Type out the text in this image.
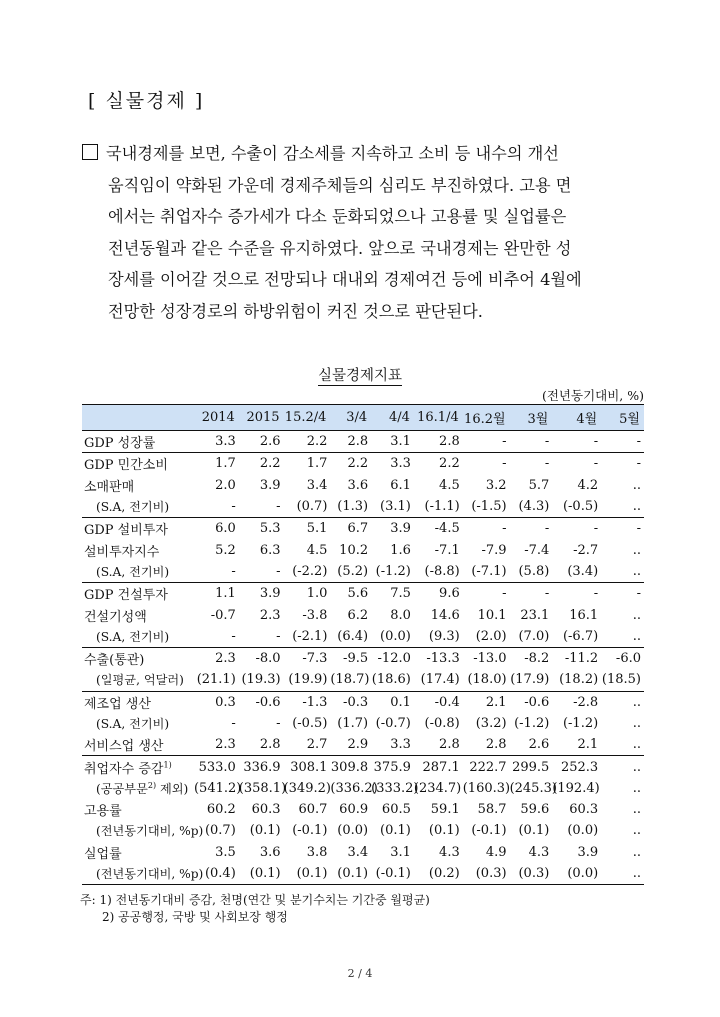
[ 실물경제 ]
국내경제를 보면, 수출이 감소세를 지속하고 소비 등 내수의 개선
움직임이 약화된 가운데 경제주체들의 심리도 부진하였다. 고용 면
에서는 취업자수 증가세가 다소 둔화되었으나 고용률 및 실업률은
전년동월과 같은 수준을 유지하였다. 앞으로 국내경제는 완만한 성
장세를 이어갈 것으로 전망되나 대내외 경제여건 등에 비추어 4월에
전망한 성장경로의 하방위험이 커진 것으로 판단된다.
실물경제지표
(전년동기대비, %)
	2014	2015	15.2/4	3/4	4/4	16.1/4	16.2월	3월	4월	5월
GDP 성장률	3.3	2.6	2.2	2.8	3.1	2.8	-	-	-	-
GDP 민간소비	1.7	2.2	1.7	2.2	3.3	2.2	-	-	-	-
소매판매	2.0	3.9	3.4	3.6	6.1	4.5	3.2	5.7	4.2	..
(S.A, 전기비)	-	-	(0.7)	(1.3)	(3.1)	(-1.1)	(-1.5)	(4.3)	(-0.5)	..
GDP 설비투자	6.0	5.3	5.1	6.7	3.9	-4.5	-	-	-	-
설비투자지수	5.2	6.3	4.5	10.2	1.6	-7.1	-7.9	-7.4	-2.7	..
(S.A, 전기비)	-	-	(-2.2)	(5.2)	(-1.2)	(-8.8)	(-7.1)	(5.8)	(3.4)	..
GDP 건설투자	1.1	3.9	1.0	5.6	7.5	9.6	-	-	-	-
건설기성액	-0.7	2.3	-3.8	6.2	8.0	14.6	10.1	23.1	16.1	..
(S.A, 전기비)	-	-	(-2.1)	(6.4)	(0.0)	(9.3)	(2.0)	(7.0)	(-6.7)	..
수출(통관)	2.3	-8.0	-7.3	-9.5	-12.0	-13.3	-13.0	-8.2	-11.2	-6.0
(일평균, 억달러)	(21.1)	(19.3)	(19.9)	(18.7)	(18.6)	(17.4)	(18.0)	(17.9)	(18.2)	(18.5)
제조업 생산	0.3	-0.6	-1.3	-0.3	0.1	-0.4	2.1	-0.6	-2.8	..
(S.A, 전기비)	-	-	(-0.5)	(1.7)	(-0.7)	(-0.8)	(3.2)	(-1.2)	(-1.2)	..
서비스업 생산	2.3	2.8	2.7	2.9	3.3	2.8	2.8	2.6	2.1	..
취업자수 증감$^{1)}$	533.0	336.9	308.1	309.8	375.9	287.1	222.7	299.5	252.3	..
(공공부문$^{2)}$ 제외)	(541.2)	(358.1)	(349.2)	(336.2)	(333.2)	(234.7)	(160.3)	(245.3)	(192.4)	..
고용률	60.2	60.3	60.7	60.9	60.5	59.1	58.7	59.6	60.3	..
(전년동기대비, %p)	(0.7)	(0.1)	(-0.1)	(0.0)	(0.1)	(0.1)	(-0.1)	(0.1)	(0.0)	..
실업률	3.5	3.6	3.8	3.4	3.1	4.3	4.9	4.3	3.9	..
(전년동기대비, %p)	(0.4)	(0.1)	(0.1)	(0.1)	(-0.1)	(0.2)	(0.3)	(0.3)	(0.0)	..
주: 1) 전년동기대비 증감, 천명(연간 및 분기수치는 기간중 월평균)
2) 공공행정, 국방 및 사회보장 행정
2 / 4
